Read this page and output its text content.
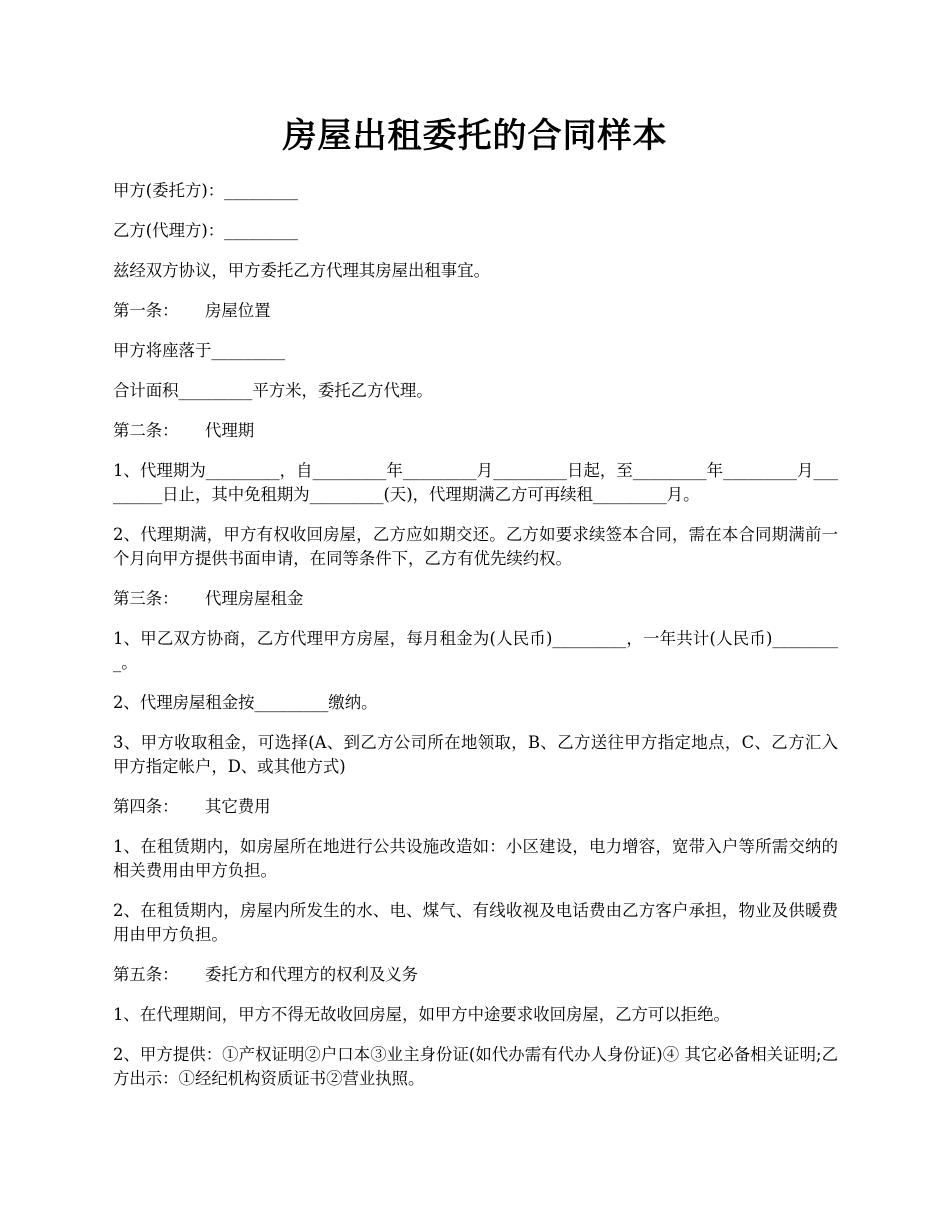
房屋出租委托的合同样本

甲方(委托方)：_________

乙方(代理方)：_________

兹经双方协议，甲方委托乙方代理其房屋出租事宜。

第一条： 房屋位置

甲方将座落于_________

合计面积_________平方米，委托乙方代理。

第二条： 代理期

1、代理期为_________，自_________年_________月_________日起，至_________年_________月_________日止，其中免租期为_________(天)，代理期满乙方可再续租_________月。

2、代理期满，甲方有权收回房屋，乙方应如期交还。乙方如要求续签本合同，需在本合同期满前一个月向甲方提供书面申请，在同等条件下，乙方有优先续约权。

第三条： 代理房屋租金

1、甲乙双方协商，乙方代理甲方房屋，每月租金为(人民币)_________，一年共计(人民币)_________。

2、代理房屋租金按_________缴纳。

3、甲方收取租金，可选择(A、到乙方公司所在地领取，B、乙方送往甲方指定地点，C、乙方汇入甲方指定帐户，D、或其他方式)

第四条： 其它费用

1、在租赁期内，如房屋所在地进行公共设施改造如：小区建设，电力增容，宽带入户等所需交纳的相关费用由甲方负担。

2、在租赁期内，房屋内所发生的水、电、煤气、有线收视及电话费由乙方客户承担，物业及供暖费用由甲方负担。

第五条： 委托方和代理方的权利及义务

1、在代理期间，甲方不得无故收回房屋，如甲方中途要求收回房屋，乙方可以拒绝。

2、甲方提供：①产权证明②户口本③业主身份证(如代办需有代办人身份证)④ 其它必备相关证明;乙方出示：①经纪机构资质证书②营业执照。
